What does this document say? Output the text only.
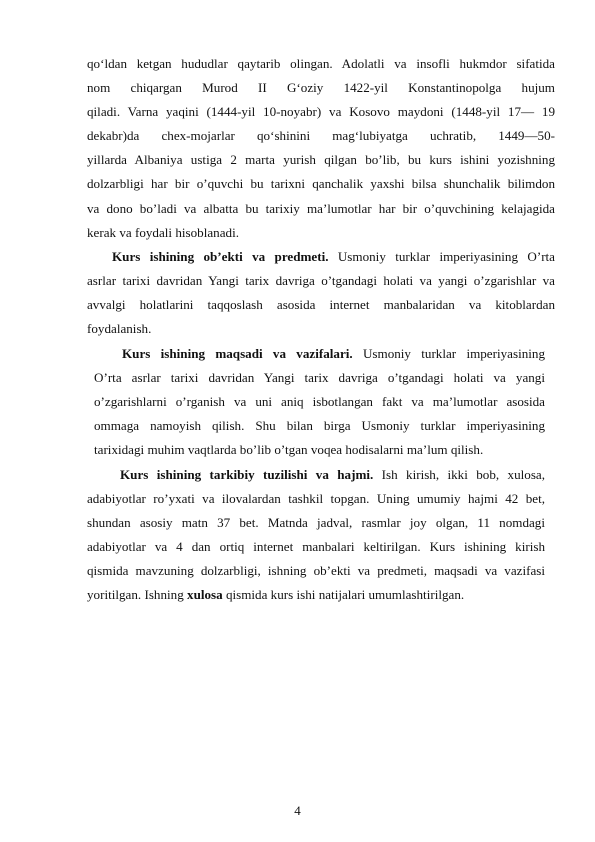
qo‘ldan ketgan hududlar qaytarib olingan. Adolatli va insofli hukmdor sifatida
nom chiqargan Murod II G‘oziy 1422-yil Konstantinopolga hujum
qiladi. Varna yaqini (1444-yil 10-noyabr) va Kosovo maydoni (1448-yil 17— 19
dekabr)da chex-mojarlar qo‘shinini mag‘lubiyatga uchratib, 1449—50-
yillarda Albaniya ustiga 2 marta yurish qilgan bo’lib, bu kurs ishini yozishning
dolzarbligi har bir o’quvchi bu tarixni qanchalik yaxshi bilsa shunchalik bilimdon
va dono bo’ladi va albatta bu tarixiy ma’lumotlar har bir o’quvchining kelajagida
kerak va foydali hisoblanadi.
Kurs ishining ob’ekti va predmeti. Usmoniy turklar imperiyasining O’rta
asrlar tarixi davridan Yangi tarix davriga o’tgandagi holati va yangi o’zgarishlar va
avvalgi holatlarini taqqoslash asosida internet manbalaridan va kitoblardan
foydalanish.
Kurs ishining maqsadi va vazifalari. Usmoniy turklar imperiyasining
O’rta asrlar tarixi davridan Yangi tarix davriga o’tgandagi holati va yangi
o’zgarishlarni o’rganish va uni aniq isbotlangan fakt va ma’lumotlar asosida
ommaga namoyish qilish. Shu bilan birga Usmoniy turklar imperiyasining
tarixidagi muhim vaqtlarda bo’lib o’tgan voqea hodisalarni ma’lum qilish.
Kurs ishining tarkibiy tuzilishi va hajmi. Ish kirish, ikki bob, xulosa,
adabiyotlar ro’yxati va ilovalardan tashkil topgan. Uning umumiy hajmi 42 bet,
shundan asosiy matn 37 bet. Matnda jadval, rasmlar joy olgan, 11 nomdagi
adabiyotlar va 4 dan ortiq internet manbalari keltirilgan. Kurs ishining kirish
qismida mavzuning dolzarbligi, ishning ob’ekti va predmeti, maqsadi va vazifasi
yoritilgan. Ishning xulosa qismida kurs ishi natijalari umumlashtirilgan.
4
